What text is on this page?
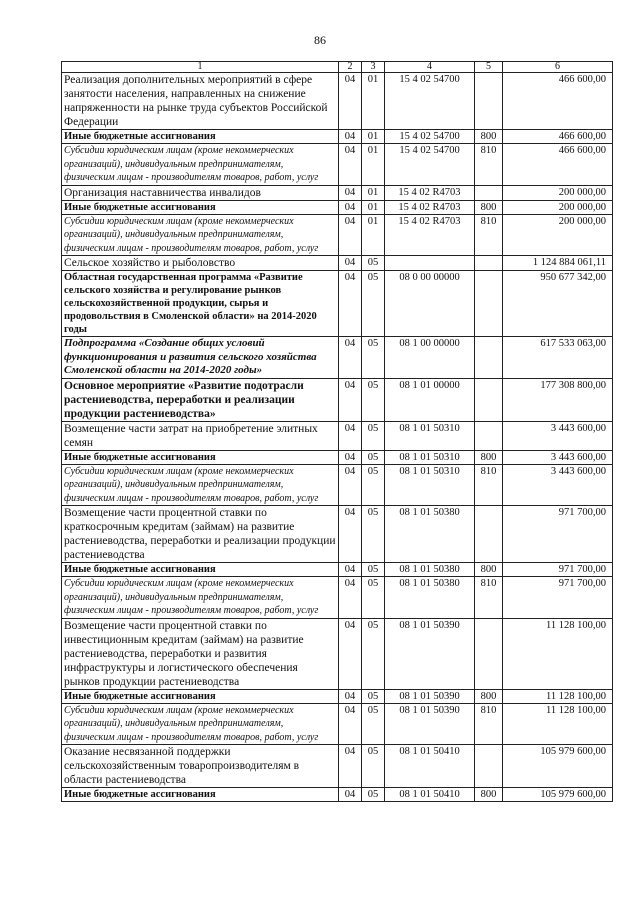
86
1	2	3	4	5	6
Реализация дополнительных мероприятий в сфере занятости населения, направленных на снижение напряженности на рынке труда субъектов Российской Федерации	04	01	15 4 02 54700		466 600,00
Иные бюджетные ассигнования	04	01	15 4 02 54700	800	466 600,00
Субсидии юридическим лицам (кроме некоммерческих организаций), индивидуальным предпринимателям, физическим лицам - производителям товаров, работ, услуг	04	01	15 4 02 54700	810	466 600,00
Организация наставничества инвалидов	04	01	15 4 02 R4703		200 000,00
Иные бюджетные ассигнования	04	01	15 4 02 R4703	800	200 000,00
Субсидии юридическим лицам (кроме некоммерческих организаций), индивидуальным предпринимателям, физическим лицам - производителям товаров, работ, услуг	04	01	15 4 02 R4703	810	200 000,00
Сельское хозяйство и рыболовство	04	05			1 124 884 061,11
Областная государственная программа «Развитие сельского хозяйства и регулирование рынков сельскохозяйственной продукции, сырья и продовольствия в Смоленской области» на 2014-2020 годы	04	05	08 0 00 00000		950 677 342,00
Подпрограмма «Создание общих условий функционирования и развития сельского хозяйства Смоленской области на 2014-2020 годы»	04	05	08 1 00 00000		617 533 063,00
Основное мероприятие «Развитие подотрасли растениеводства, переработки и реализации продукции растениеводства»	04	05	08 1 01 00000		177 308 800,00
Возмещение части затрат на приобретение элитных семян	04	05	08 1 01 50310		3 443 600,00
Иные бюджетные ассигнования	04	05	08 1 01 50310	800	3 443 600,00
Субсидии юридическим лицам (кроме некоммерческих организаций), индивидуальным предпринимателям, физическим лицам - производителям товаров, работ, услуг	04	05	08 1 01 50310	810	3 443 600,00
Возмещение части процентной ставки по краткосрочным кредитам (займам) на развитие растениеводства, переработки и реализации продукции растениеводства	04	05	08 1 01 50380		971 700,00
Иные бюджетные ассигнования	04	05	08 1 01 50380	800	971 700,00
Субсидии юридическим лицам (кроме некоммерческих организаций), индивидуальным предпринимателям, физическим лицам - производителям товаров, работ, услуг	04	05	08 1 01 50380	810	971 700,00
Возмещение части процентной ставки по инвестиционным кредитам (займам) на развитие растениеводства, переработки и развития инфраструктуры и логистического обеспечения рынков продукции растениеводства	04	05	08 1 01 50390		11 128 100,00
Иные бюджетные ассигнования	04	05	08 1 01 50390	800	11 128 100,00
Субсидии юридическим лицам (кроме некоммерческих организаций), индивидуальным предпринимателям, физическим лицам - производителям товаров, работ, услуг	04	05	08 1 01 50390	810	11 128 100,00
Оказание несвязанной поддержки сельскохозяйственным товаропроизводителям в области растениеводства	04	05	08 1 01 50410		105 979 600,00
Иные бюджетные ассигнования	04	05	08 1 01 50410	800	105 979 600,00
